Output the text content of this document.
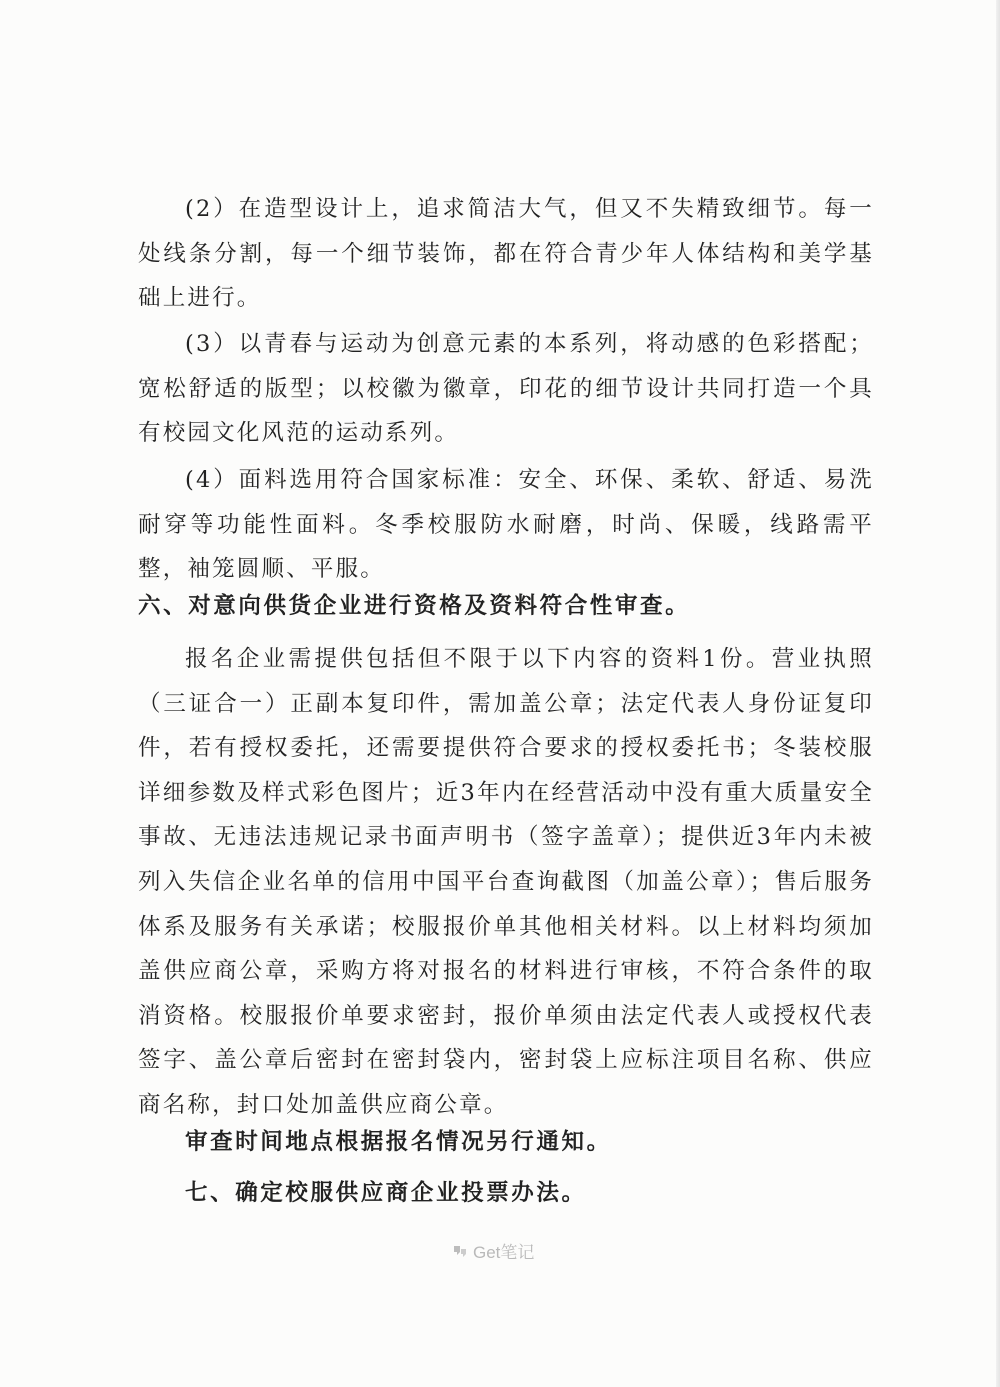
(2）在造型设计上，追求简洁大气，但又不失精致细节。每一处线条分割，每一个细节装饰，都在符合青少年人体结构和美学基础上进行。

(3）以青春与运动为创意元素的本系列，将动感的色彩搭配；宽松舒适的版型；以校徽为徽章，印花的细节设计共同打造一个具有校园文化风范的运动系列。

(4）面料选用符合国家标准：安全、环保、柔软、舒适、易洗耐穿等功能性面料。冬季校服防水耐磨，时尚、保暖，线路需平整，袖笼圆顺、平服。

六、对意向供货企业进行资格及资料符合性审查。

报名企业需提供包括但不限于以下内容的资料1份。营业执照（三证合一）正副本复印件，需加盖公章；法定代表人身份证复印件，若有授权委托，还需要提供符合要求的授权委托书；冬装校服详细参数及样式彩色图片；近3年内在经营活动中没有重大质量安全事故、无违法违规记录书面声明书（签字盖章）；提供近3年内未被列入失信企业名单的信用中国平台查询截图（加盖公章）；售后服务体系及服务有关承诺；校服报价单其他相关材料。以上材料均须加盖供应商公章，采购方将对报名的材料进行审核，不符合条件的取消资格。校服报价单要求密封，报价单须由法定代表人或授权代表签字、盖公章后密封在密封袋内，密封袋上应标注项目名称、供应商名称，封口处加盖供应商公章。

审查时间地点根据报名情况另行通知。

七、确定校服供应商企业投票办法。

Get笔记
